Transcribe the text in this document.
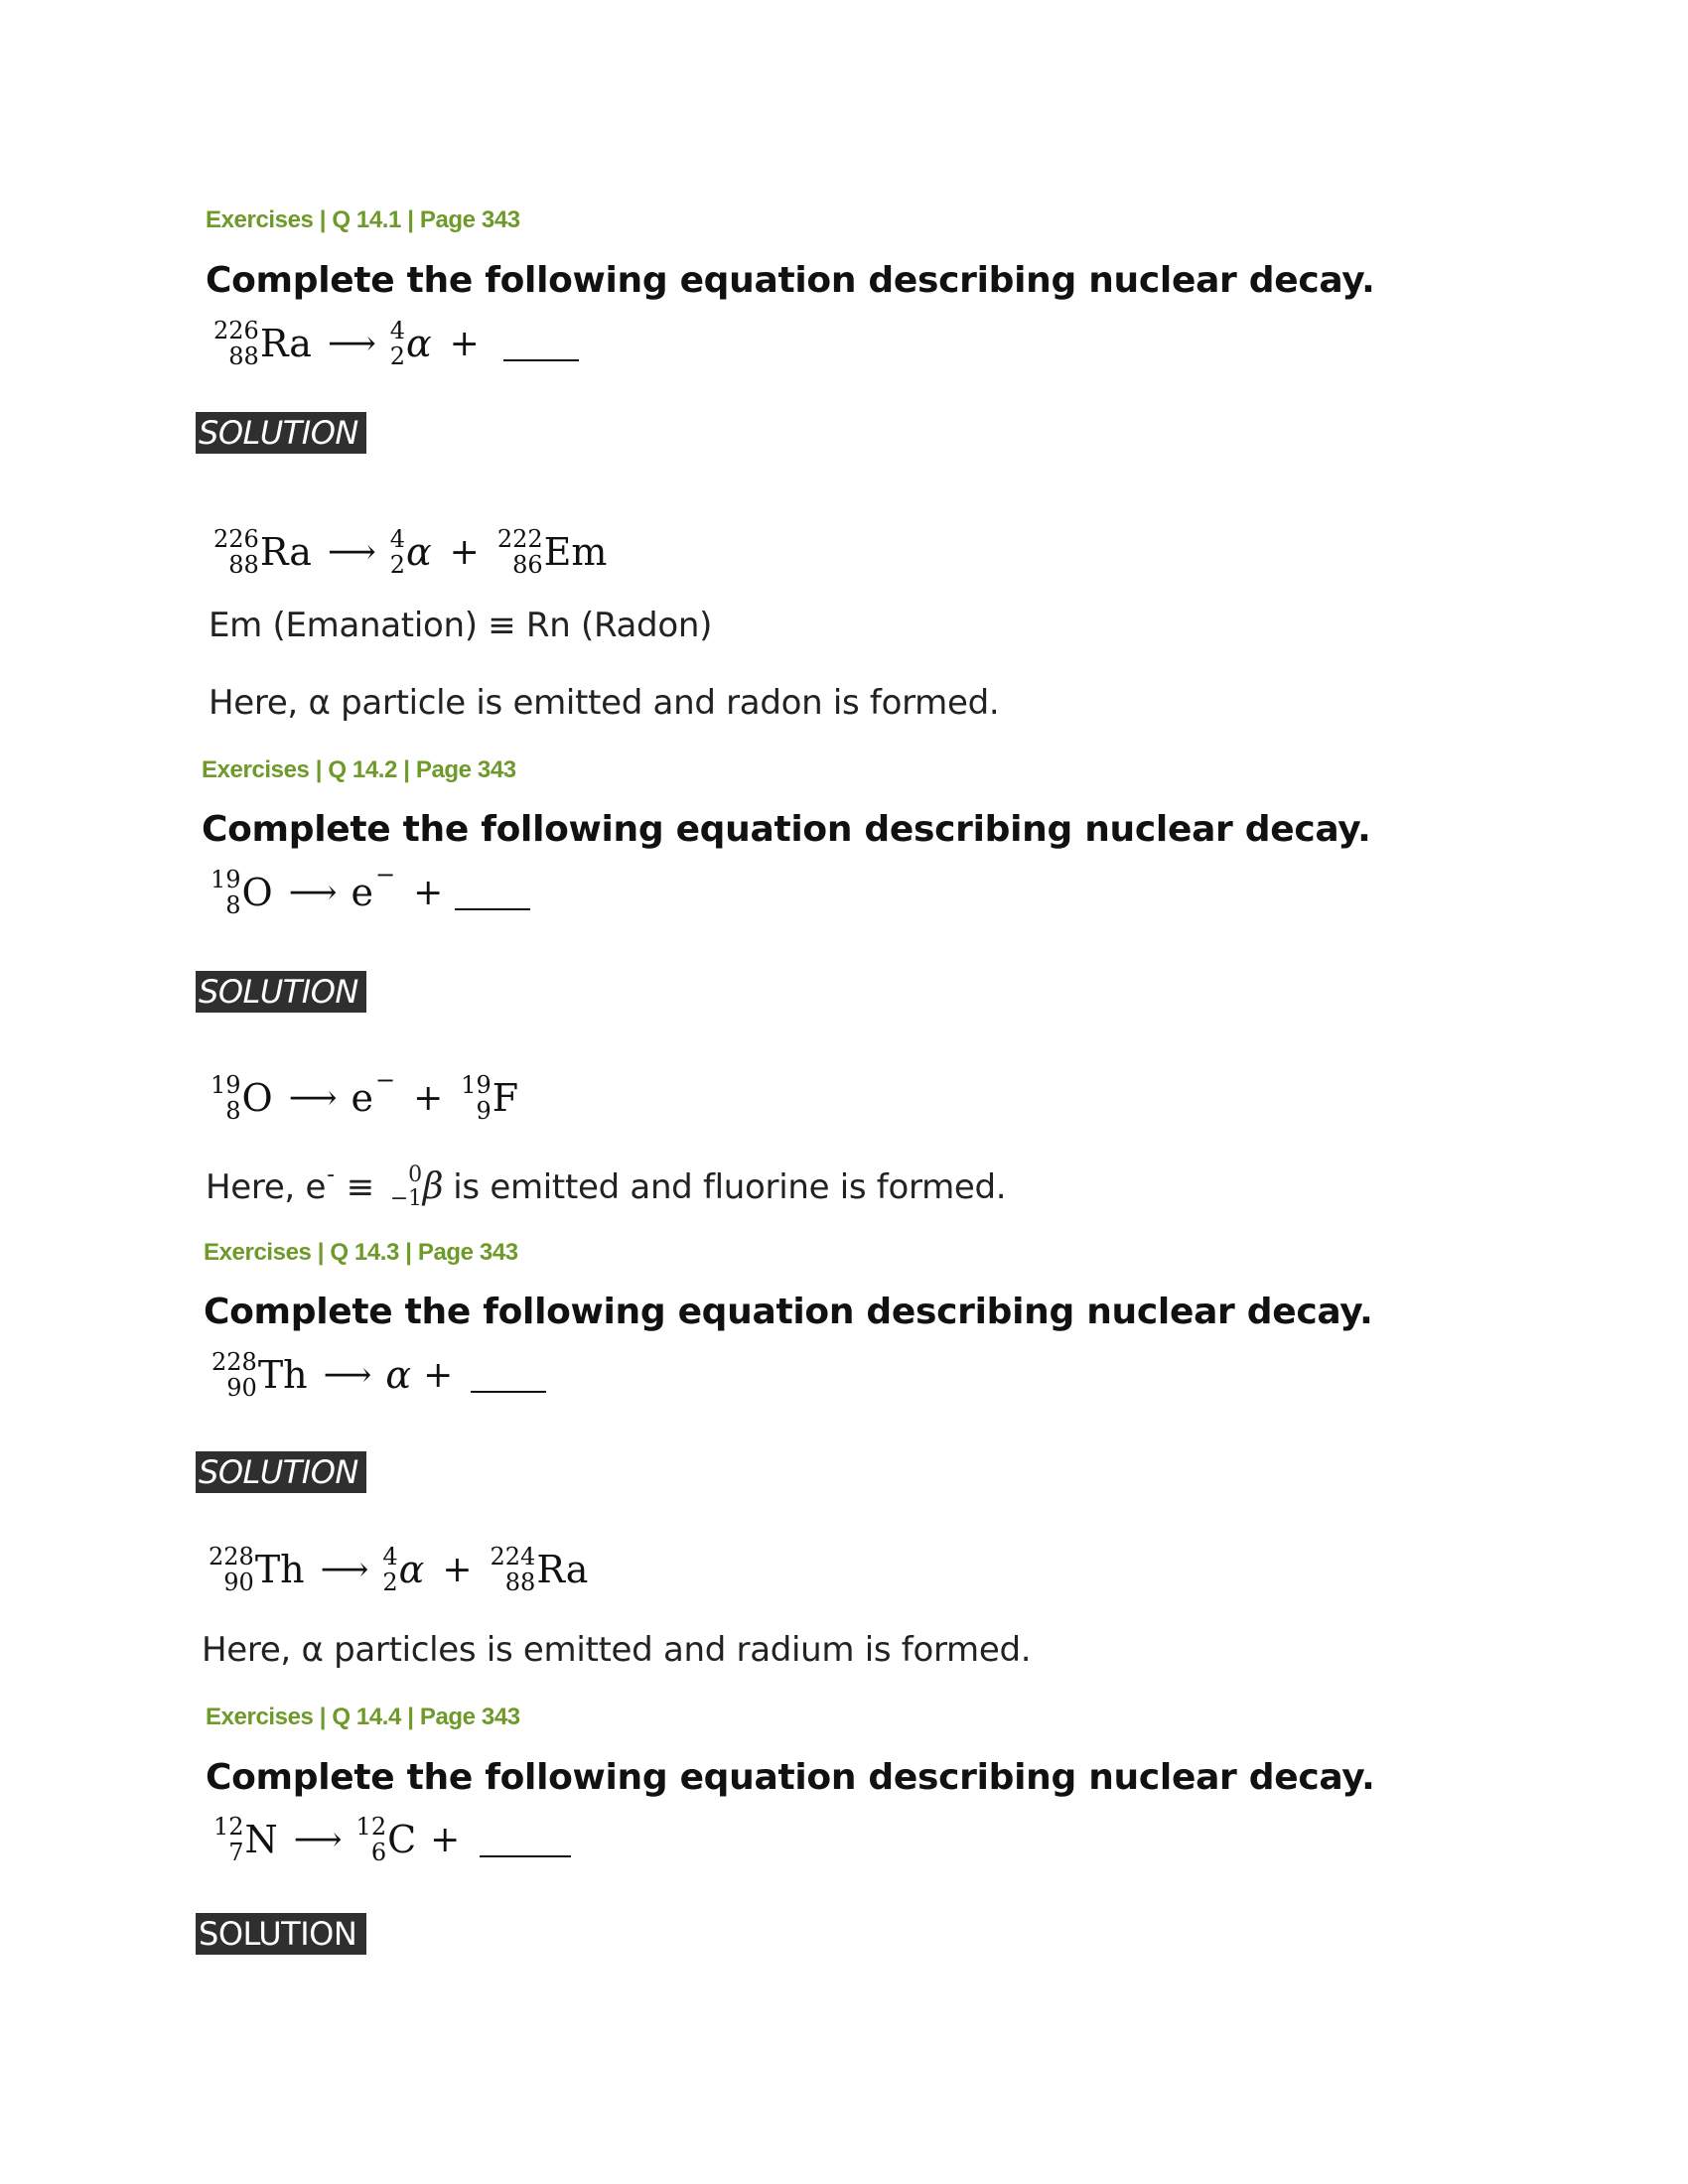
Exercises | Q 14.1 | Page 343
Complete the following equation describing nuclear decay.
226
88 Ra ⟶ 4
2 α +
SOLUTION
226
88 Ra ⟶ 4
2 α + 222
86 Em
Em (Emanation) ≡ Rn (Radon)
Here, α particle is emitted and radon is formed.
Exercises | Q 14.2 | Page 343
Complete the following equation describing nuclear decay.
19
8 O ⟶ e − +
SOLUTION
19
8 O ⟶ e − + 19
9 F
Here, e - ≡ 0
−1 β is emitted and fluorine is formed.
Exercises | Q 14.3 | Page 343
Complete the following equation describing nuclear decay.
228
90 Th ⟶ α +
SOLUTION
228
90 Th ⟶ 4
2 α + 224
88 Ra
Here, α particles is emitted and radium is formed.
Exercises | Q 14.4 | Page 343
Complete the following equation describing nuclear decay.
12
7 N ⟶ 12
6 C +
SOLUTION
